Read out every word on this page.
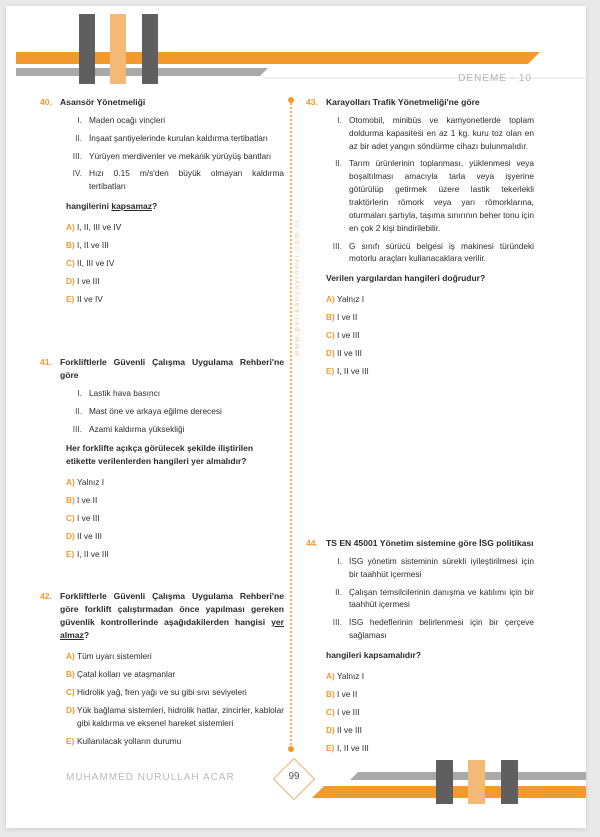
DENEME - 10
www.pelikanyayinevi.com.tr
40. Asansör Yönetmeliği
I. Maden ocağı vinçleri
II. İnşaat şantiyelerinde kurulan kaldırma tertibatları
III. Yürüyen merdivenler ve mekanik yürüyüş bantları
IV. Hızı 0.15 m/s'den büyük olmayan kaldırma tertibatları
hangilerini kapsamaz?
A) I, II, III ve IV
B) I, II ve III
C) II, III ve IV
D) I ve III
E) II ve IV
41. Forkliftlerle Güvenli Çalışma Uygulama Rehberi'ne göre
I. Lastik hava basıncı
II. Mast öne ve arkaya eğilme derecesi
III. Azami kaldırma yüksekliği
Her forklifte açıkça görülecek şekilde iliştirilen etikette verilenlerden hangileri yer almalıdır?
A) Yalnız I
B) I ve II
C) I ve III
D) II ve III
E) I, II ve III
42. Forkliftlerle Güvenli Çalışma Uygulama Rehberi'ne göre forklift çalıştırmadan önce yapılması gereken güvenlik kontrollerinde aşağıdakilerden hangisi yer almaz?
A) Tüm uyarı sistemleri
B) Çatal kolları ve ataşmanlar
C) Hidrolik yağ, fren yağı ve su gibi sıvı seviyeleri
D) Yük bağlama sistemleri, hidrolik hatlar, zincirler, kablolar gibi kaldırma ve eksenel hareket sistemleri
E) Kullanılacak yolların durumu
43. Karayolları Trafik Yönetmeliği'ne göre
I. Otomobil, minibüs ve kamyonetlerde toplam doldurma kapasitesi en az 1 kg. kuru toz olan en az bir adet yangın söndürme cihazı bulunmalıdır.
II. Tarım ürünlerinin toplanması, yüklenmesi veya boşaltılması amacıyla tarla veya işyerine götürülüp getirmek üzere lastik tekerlekli traktörlerin römork veya yarı römorklarına, oturmaları şartıyla, taşıma sınırının beher tonu için en çok 2 kişi bindirilebilir.
III. G sınıfı sürücü belgesi iş makinesi türündeki motorlu araçları kullanacaklara verilir.
Verilen yargılardan hangileri doğrudur?
A) Yalnız I
B) I ve II
C) I ve III
D) II ve III
E) I, II ve III
44. TS EN 45001 Yönetim sistemine göre İSG politikası
I. İSG yönetim sisteminin sürekli iyileştirilmesi için bir taahhüt içermesi
II. Çalışan temsilcilerinin danışma ve katılımı için bir taahhüt içermesi
III. İSG hedeflerinin belirlenmesi için bir çerçeve sağlaması
hangileri kapsamalıdır?
A) Yalnız I
B) I ve II
C) I ve III
D) II ve III
E) I, II ve III
MUHAMMED NURULLAH ACAR	99
